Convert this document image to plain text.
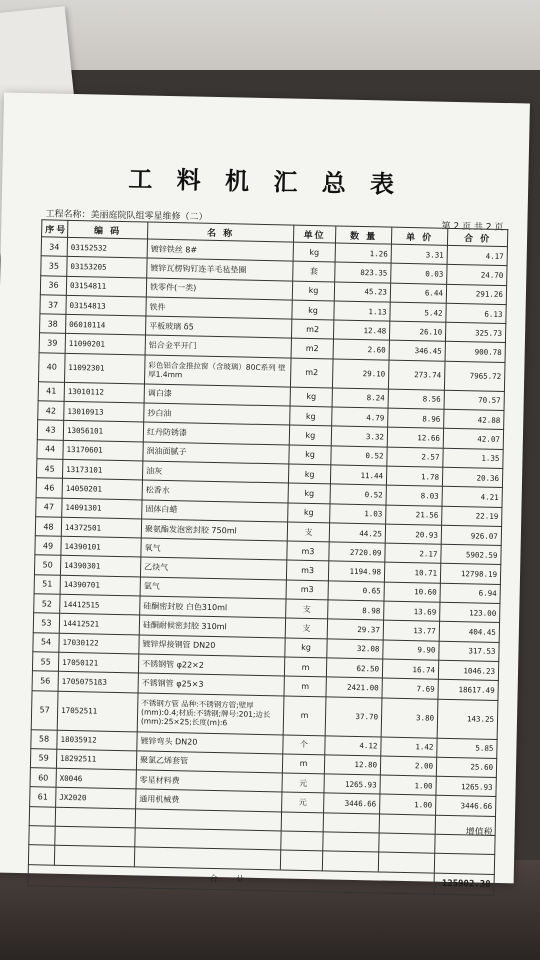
工 料 机 汇 总 表
工程名称：美丽庭院队组零星维修（二）
第 2 页 共 2 页
序号	编 码	名 称	单位	数 量	单 价	合 价
34	03152532	镀锌铁丝 8#	kg	1.26	3.31	4.17
35	03153205	镀锌瓦楞钩钉连羊毛毡垫圈	套	823.35	0.03	24.70
36	03154811	铁零件(一类)	kg	45.23	6.44	291.26
37	03154813	铁件	kg	1.13	5.42	6.13
38	06010114	平板玻璃 δ5	m2	12.48	26.10	325.73
39	11090201	铝合金平开门	m2	2.60	346.45	900.78
40	11092301	彩色铝合金推拉窗（含玻璃）80C系列 壁厚1.4mm	m2	29.10	273.74	7965.72
41	13010112	调白漆	kg	8.24	8.56	70.57
42	13010913	抄白油	kg	4.79	8.96	42.88
43	13056101	红丹防锈漆	kg	3.32	12.66	42.07
44	13170601	润油面腻子	kg	0.52	2.57	1.35
45	13173101	油灰	kg	11.44	1.78	20.36
46	14050201	松香水	kg	0.52	8.03	4.21
47	14091301	固体白蜡	kg	1.03	21.56	22.19
48	14372501	聚氨酯发泡密封胶 750ml	支	44.25	20.93	926.07
49	14390101	氧气	m3	2720.09	2.17	5902.59
50	14390301	乙炔气	m3	1194.98	10.71	12798.19
51	14390701	氩气	m3	0.65	10.60	6.94
52	14412515	硅酮密封胶 白色310ml	支	8.98	13.69	123.00
53	14412521	硅酮耐候密封胶 310ml	支	29.37	13.77	404.45
54	17030122	镀锌焊接钢管 DN20	kg	32.08	9.90	317.53
55	17050121	不锈钢管 φ22×2	m	62.50	16.74	1046.23
56	17050751ß3	不锈钢管 φ25×3	m	2421.00	7.69	18617.49
57	17052511	不锈钢方管 品种:不锈钢方管;壁厚(mm):0.4;材质:不锈钢;牌号:201;边长(mm):25×25;长度(m):6	m	37.70	3.80	143.25
58	18035912	镀锌弯头 DN20	个	4.12	1.42	5.85
59	18292511	聚氯乙烯套管	m	12.80	2.00	25.60
60	X0046	零星材料费	元	1265.93	1.00	1265.93
61	JX2020	通用机械费	元	3446.66	1.00	3446.66

合 计						125902.38
增值税
